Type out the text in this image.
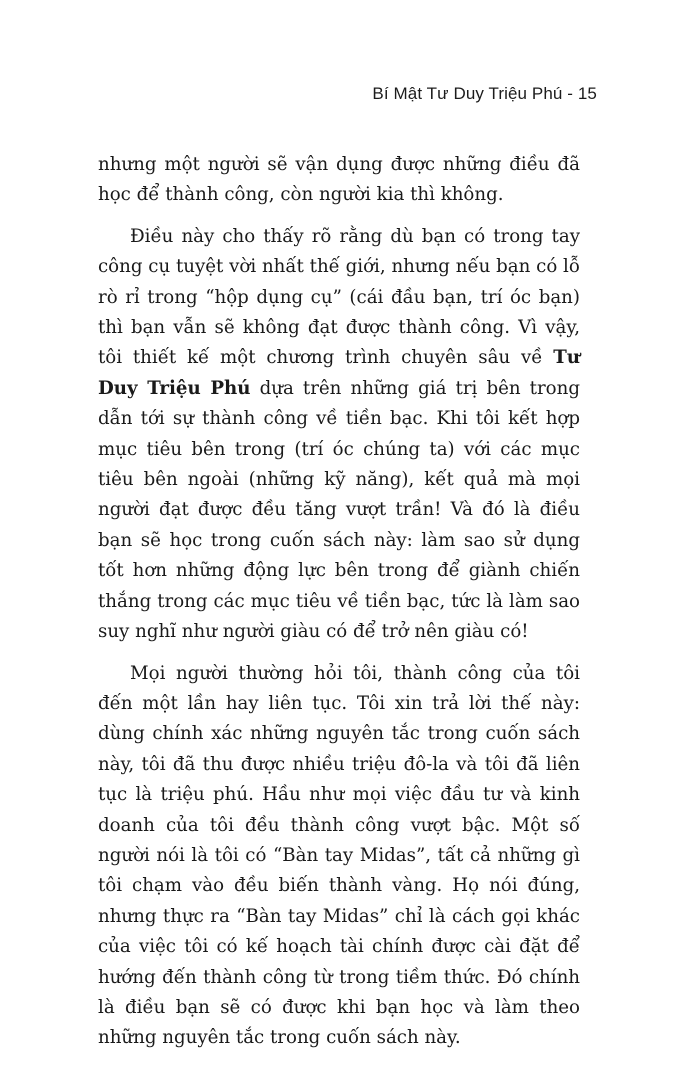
Bí Mật Tư Duy Triệu Phú - 15

nhưng một người sẽ vận dụng được những điều đã học để thành công, còn người kia thì không.

Điều này cho thấy rõ rằng dù bạn có trong tay công cụ tuyệt vời nhất thế giới, nhưng nếu bạn có lỗ rò rỉ trong “hộp dụng cụ” (cái đầu bạn, trí óc bạn) thì bạn vẫn sẽ không đạt được thành công. Vì vậy, tôi thiết kế một chương trình chuyên sâu về Tư Duy Triệu Phú dựa trên những giá trị bên trong dẫn tới sự thành công về tiền bạc. Khi tôi kết hợp mục tiêu bên trong (trí óc chúng ta) với các mục tiêu bên ngoài (những kỹ năng), kết quả mà mọi người đạt được đều tăng vượt trần! Và đó là điều bạn sẽ học trong cuốn sách này: làm sao sử dụng tốt hơn những động lực bên trong để giành chiến thắng trong các mục tiêu về tiền bạc, tức là làm sao suy nghĩ như người giàu có để trở nên giàu có!

Mọi người thường hỏi tôi, thành công của tôi đến một lần hay liên tục. Tôi xin trả lời thế này: dùng chính xác những nguyên tắc trong cuốn sách này, tôi đã thu được nhiều triệu đô-la và tôi đã liên tục là triệu phú. Hầu như mọi việc đầu tư và kinh doanh của tôi đều thành công vượt bậc. Một số người nói là tôi có “Bàn tay Midas”, tất cả những gì tôi chạm vào đều biến thành vàng. Họ nói đúng, nhưng thực ra “Bàn tay Midas” chỉ là cách gọi khác của việc tôi có kế hoạch tài chính được cài đặt để hướng đến thành công từ trong tiềm thức. Đó chính là điều bạn sẽ có được khi bạn học và làm theo những nguyên tắc trong cuốn sách này.
